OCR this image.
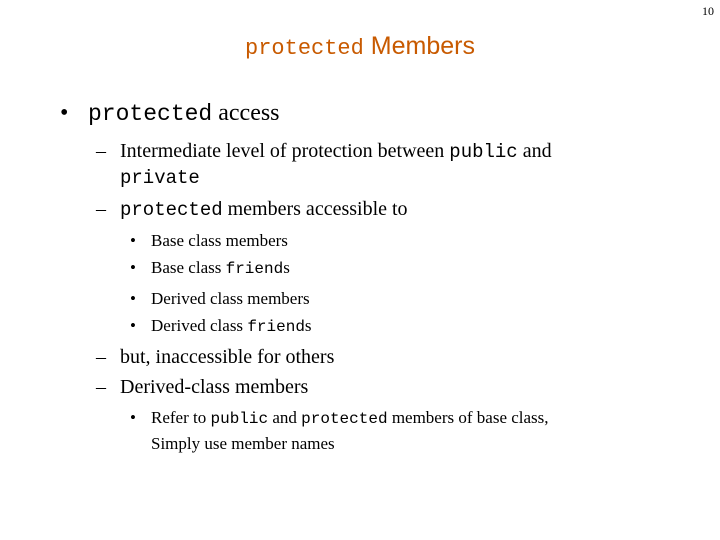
10
protected Members
• protected access
– Intermediate level of protection between public and
private
– protected members accessible to
• Base class members
• Base class friends
• Derived class members
• Derived class friends
– but, inaccessible for others
– Derived-class members
• Refer to public and protected members of base class,
Simply use member names
